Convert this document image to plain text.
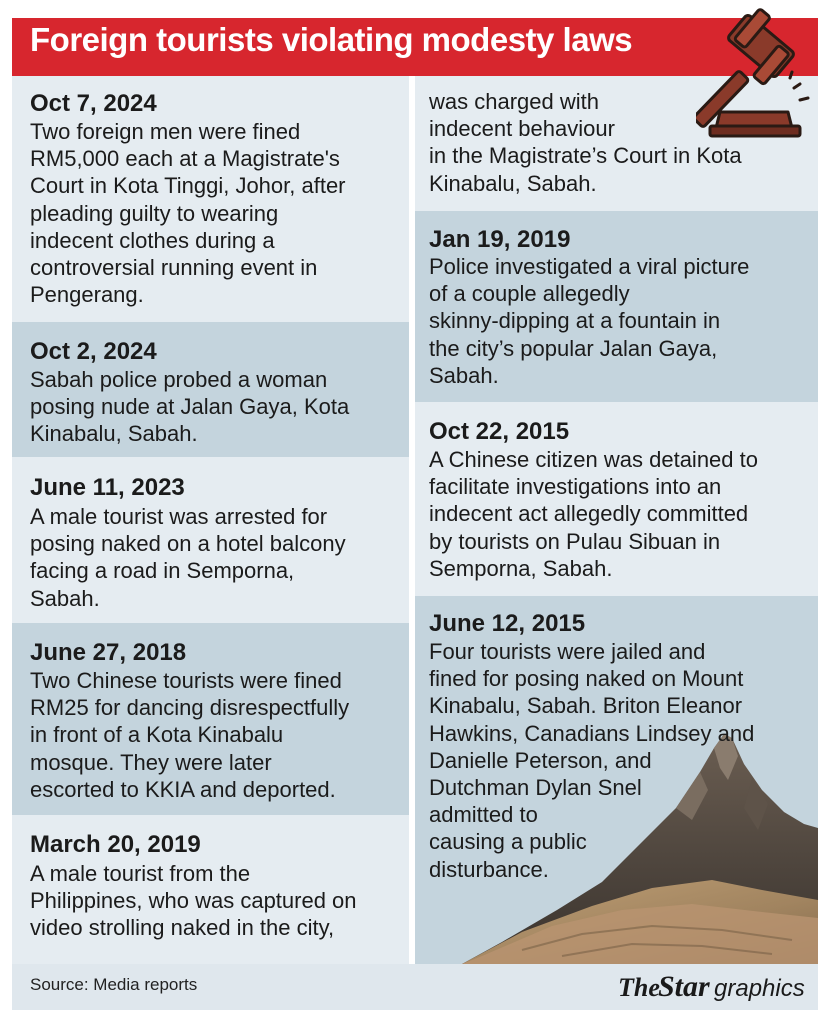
Foreign tourists violating modesty laws
Oct 7, 2024
Two foreign men were fined
RM5,000 each at a Magistrate's
Court in Kota Tinggi, Johor, after
pleading guilty to wearing
indecent clothes during a
controversial running event in
Pengerang.
Oct 2, 2024
Sabah police probed a woman
posing nude at Jalan Gaya, Kota
Kinabalu, Sabah.
June 11, 2023
A male tourist was arrested for
posing naked on a hotel balcony
facing a road in Semporna,
Sabah.
June 27, 2018
Two Chinese tourists were fined
RM25 for dancing disrespectfully
in front of a Kota Kinabalu
mosque. They were later
escorted to KKIA and deported.
March 20, 2019
A male tourist from the
Philippines, who was captured on
video strolling naked in the city,
was charged with
indecent behaviour
in the Magistrate’s Court in Kota
Kinabalu, Sabah.
Jan 19, 2019
Police investigated a viral picture
of a couple allegedly
skinny-dipping at a fountain in
the city’s popular Jalan Gaya,
Sabah.
Oct 22, 2015
A Chinese citizen was detained to
facilitate investigations into an
indecent act allegedly committed
by tourists on Pulau Sibuan in
Semporna, Sabah.
June 12, 2015
Four tourists were jailed and
fined for posing naked on Mount
Kinabalu, Sabah. Briton Eleanor
Hawkins, Canadians Lindsey and
Danielle Peterson, and
Dutchman Dylan Snel
admitted to
causing a public
disturbance.
Source: Media reports	The
Star graphics
